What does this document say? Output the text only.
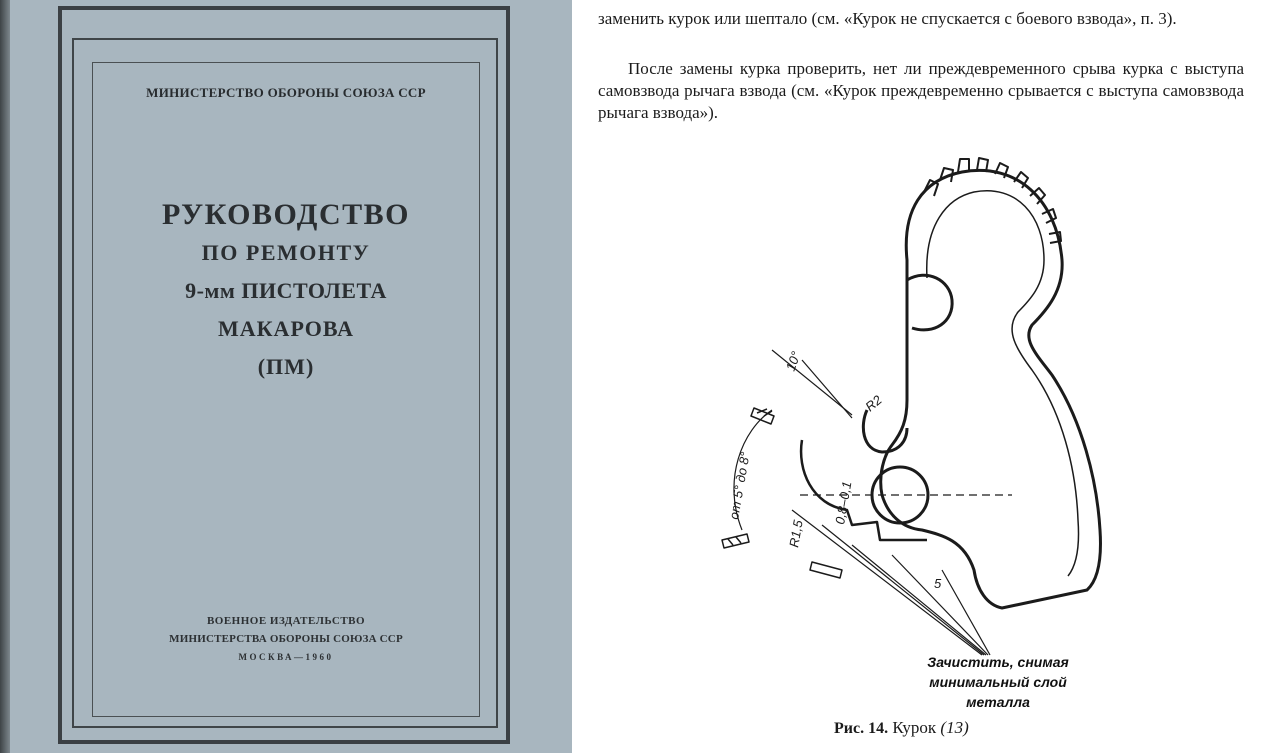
МИНИСТЕРСТВО ОБОРОНЫ СОЮЗА ССР
РУКОВОДСТВО
ПО РЕМОНТУ
9-мм ПИСТОЛЕТА
МАКАРОВА
(ПМ)
ВОЕННОЕ ИЗДАТЕЛЬСТВО
МИНИСТЕРСТВА ОБОРОНЫ СОЮЗА ССР
МОСКВА—1960
заменить курок или шептало (см. «Курок не спускается с боевого взвода», п. 3).
После замены курка проверить, нет ли преждевременного срыва курка с выступа самовзвода рычага взвода (см. «Курок преждевременно срывается с выступа самовзвода рычага взвода»).
10°
R2
от 5° до 8°	0,8–0,1
R1,5
5
Зачистить, снимая
минимальный слой
металла
Рис. 14. Курок (13)
